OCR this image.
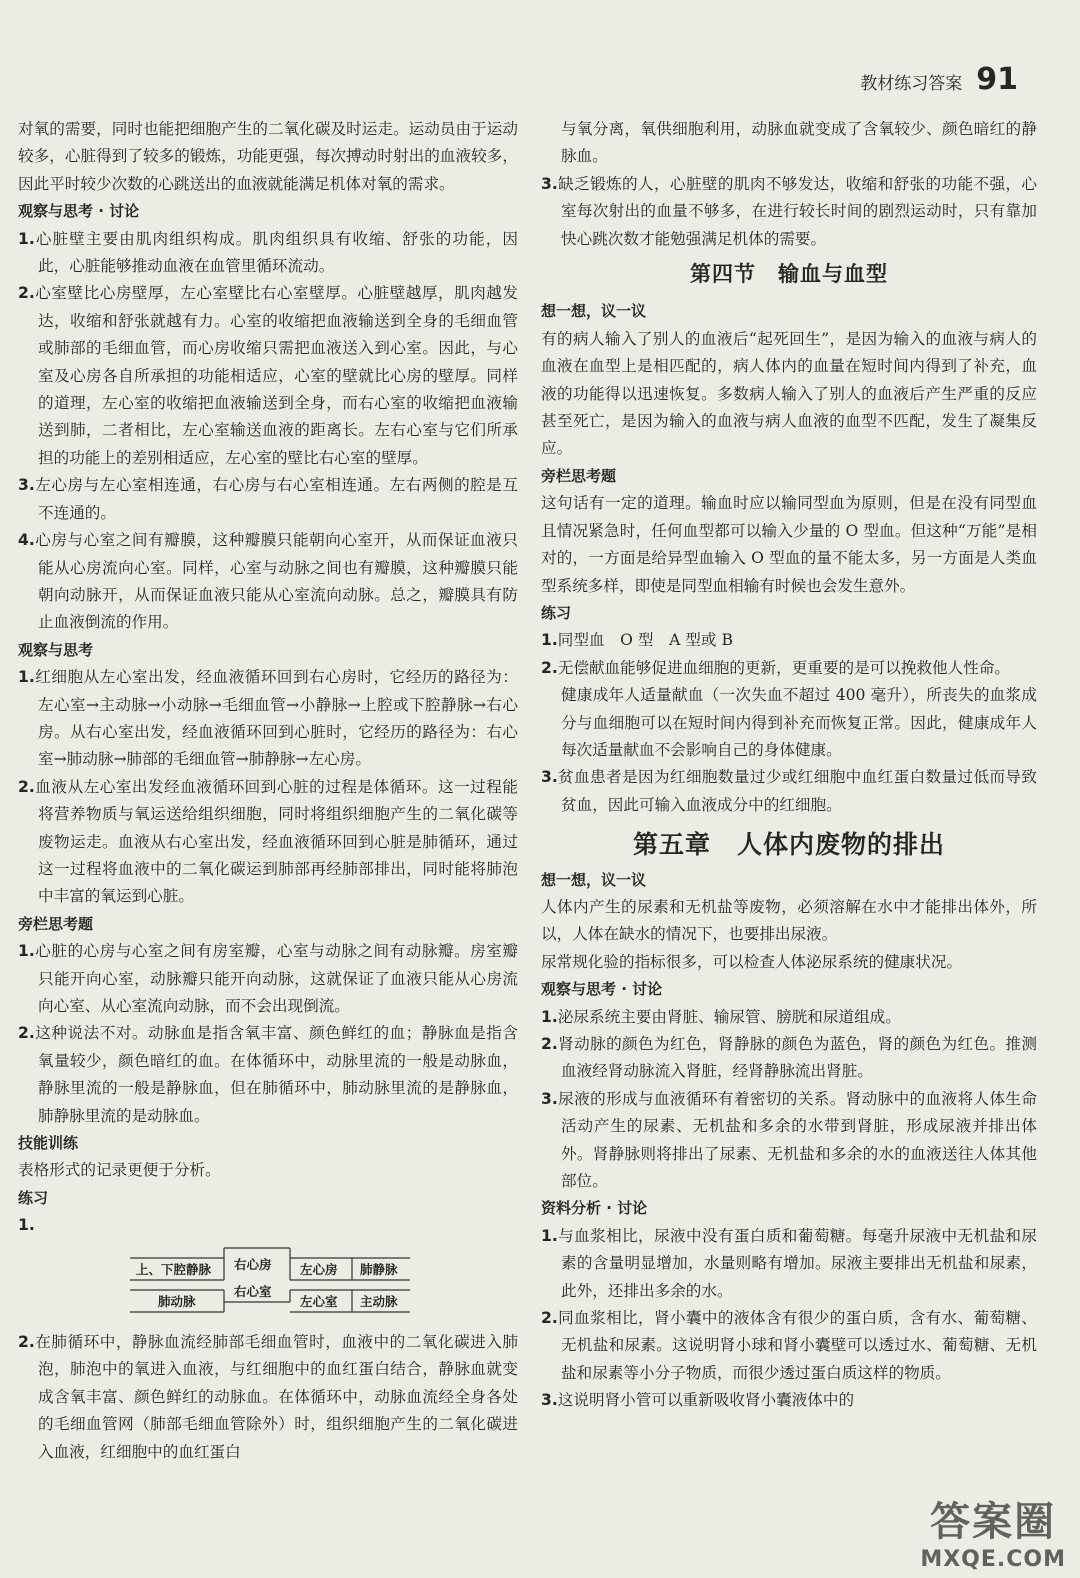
教材练习答案 91

对氧的需要，同时也能把细胞产生的二氧化碳及时运走。运动员由于运动较多，心脏得到了较多的锻炼，功能更强，每次搏动时射出的血液较多，因此平时较少次数的心跳送出的血液就能满足机体对氧的需求。

观察与思考 · 讨论

1.心脏壁主要由肌肉组织构成。肌肉组织具有收缩、舒张的功能，因此，心脏能够推动血液在血管里循环流动。

2.心室壁比心房壁厚，左心室壁比右心室壁厚。心脏壁越厚，肌肉越发达，收缩和舒张就越有力。心室的收缩把血液输送到全身的毛细血管或肺部的毛细血管，而心房收缩只需把血液送入到心室。因此，与心室及心房各自所承担的功能相适应，心室的壁就比心房的壁厚。同样的道理，左心室的收缩把血液输送到全身，而右心室的收缩把血液输送到肺，二者相比，左心室输送血液的距离长。左右心室与它们所承担的功能上的差别相适应，左心室的壁比右心室的壁厚。

3.左心房与左心室相连通，右心房与右心室相连通。左右两侧的腔是互不连通的。

4.心房与心室之间有瓣膜，这种瓣膜只能朝向心室开，从而保证血液只能从心房流向心室。同样，心室与动脉之间也有瓣膜，这种瓣膜只能朝向动脉开，从而保证血液只能从心室流向动脉。总之，瓣膜具有防止血液倒流的作用。

观察与思考

1.红细胞从左心室出发，经血液循环回到右心房时，它经历的路径为：左心室→主动脉→小动脉→毛细血管→小静脉→上腔或下腔静脉→右心房。从右心室出发，经血液循环回到心脏时，它经历的路径为：右心室→肺动脉→肺部的毛细血管→肺静脉→左心房。

2.血液从左心室出发经血液循环回到心脏的过程是体循环。这一过程能将营养物质与氧运送给组织细胞，同时将组织细胞产生的二氧化碳等废物运走。血液从右心室出发，经血液循环回到心脏是肺循环，通过这一过程将血液中的二氧化碳运到肺部再经肺部排出，同时能将肺泡中丰富的氧运到心脏。

旁栏思考题

1.心脏的心房与心室之间有房室瓣，心室与动脉之间有动脉瓣。房室瓣只能开向心室，动脉瓣只能开向动脉，这就保证了血液只能从心房流向心室、从心室流向动脉，而不会出现倒流。

2.这种说法不对。动脉血是指含氧丰富、颜色鲜红的血；静脉血是指含氧量较少，颜色暗红的血。在体循环中，动脉里流的一般是动脉血，静脉里流的一般是静脉血，但在肺循环中，肺动脉里流的是静脉血，肺静脉里流的是动脉血。

技能训练

表格形式的记录更便于分析。

练习

1.

上、下腔静脉 右心房 左心房 肺静脉
肺动脉
右心室
左心室 主动脉

2.在肺循环中，静脉血流经肺部毛细血管时，血液中的二氧化碳进入肺泡，肺泡中的氧进入血液，与红细胞中的血红蛋白结合，静脉血就变成含氧丰富、颜色鲜红的动脉血。在体循环中，动脉血流经全身各处的毛细血管网（肺部毛细血管除外）时，组织细胞产生的二氧化碳进入血液，红细胞中的血红蛋白

与氧分离，氧供细胞利用，动脉血就变成了含氧较少、颜色暗红的静脉血。

3.缺乏锻炼的人，心脏壁的肌肉不够发达，收缩和舒张的功能不强，心室每次射出的血量不够多，在进行较长时间的剧烈运动时，只有靠加快心跳次数才能勉强满足机体的需要。

第四节　输血与血型

想一想，议一议

有的病人输入了别人的血液后“起死回生”，是因为输入的血液与病人的血液在血型上是相匹配的，病人体内的血量在短时间内得到了补充，血液的功能得以迅速恢复。多数病人输入了别人的血液后产生严重的反应甚至死亡，是因为输入的血液与病人血液的血型不匹配，发生了凝集反应。

旁栏思考题

这句话有一定的道理。输血时应以输同型血为原则，但是在没有同型血且情况紧急时，任何血型都可以输入少量的 O 型血。但这种“万能”是相对的，一方面是给异型血输入 O 型血的量不能太多，另一方面是人类血型系统多样，即使是同型血相输有时候也会发生意外。

练习

1.同型血　O 型　A 型或 B

2.无偿献血能够促进血细胞的更新，更重要的是可以挽救他人性命。

健康成年人适量献血（一次失血不超过 400 毫升），所丧失的血浆成分与血细胞可以在短时间内得到补充而恢复正常。因此，健康成年人每次适量献血不会影响自己的身体健康。

3.贫血患者是因为红细胞数量过少或红细胞中血红蛋白数量过低而导致贫血，因此可输入血液成分中的红细胞。

第五章　人体内废物的排出

想一想，议一议

人体内产生的尿素和无机盐等废物，必须溶解在水中才能排出体外，所以，人体在缺水的情况下，也要排出尿液。

尿常规化验的指标很多，可以检查人体泌尿系统的健康状况。

观察与思考 · 讨论

1.泌尿系统主要由肾脏、输尿管、膀胱和尿道组成。

2.肾动脉的颜色为红色，肾静脉的颜色为蓝色，肾的颜色为红色。推测血液经肾动脉流入肾脏，经肾静脉流出肾脏。

3.尿液的形成与血液循环有着密切的关系。肾动脉中的血液将人体生命活动产生的尿素、无机盐和多余的水带到肾脏，形成尿液并排出体外。肾静脉则将排出了尿素、无机盐和多余的水的血液送往人体其他部位。

资料分析 · 讨论

1.与血浆相比，尿液中没有蛋白质和葡萄糖。每毫升尿液中无机盐和尿素的含量明显增加，水量则略有增加。尿液主要排出无机盐和尿素，此外，还排出多余的水。

2.同血浆相比，肾小囊中的液体含有很少的蛋白质，含有水、葡萄糖、无机盐和尿素。这说明肾小球和肾小囊壁可以透过水、葡萄糖、无机盐和尿素等小分子物质，而很少透过蛋白质这样的物质。

3.这说明肾小管可以重新吸收肾小囊液体中的

答案圈
MXQE.COM
